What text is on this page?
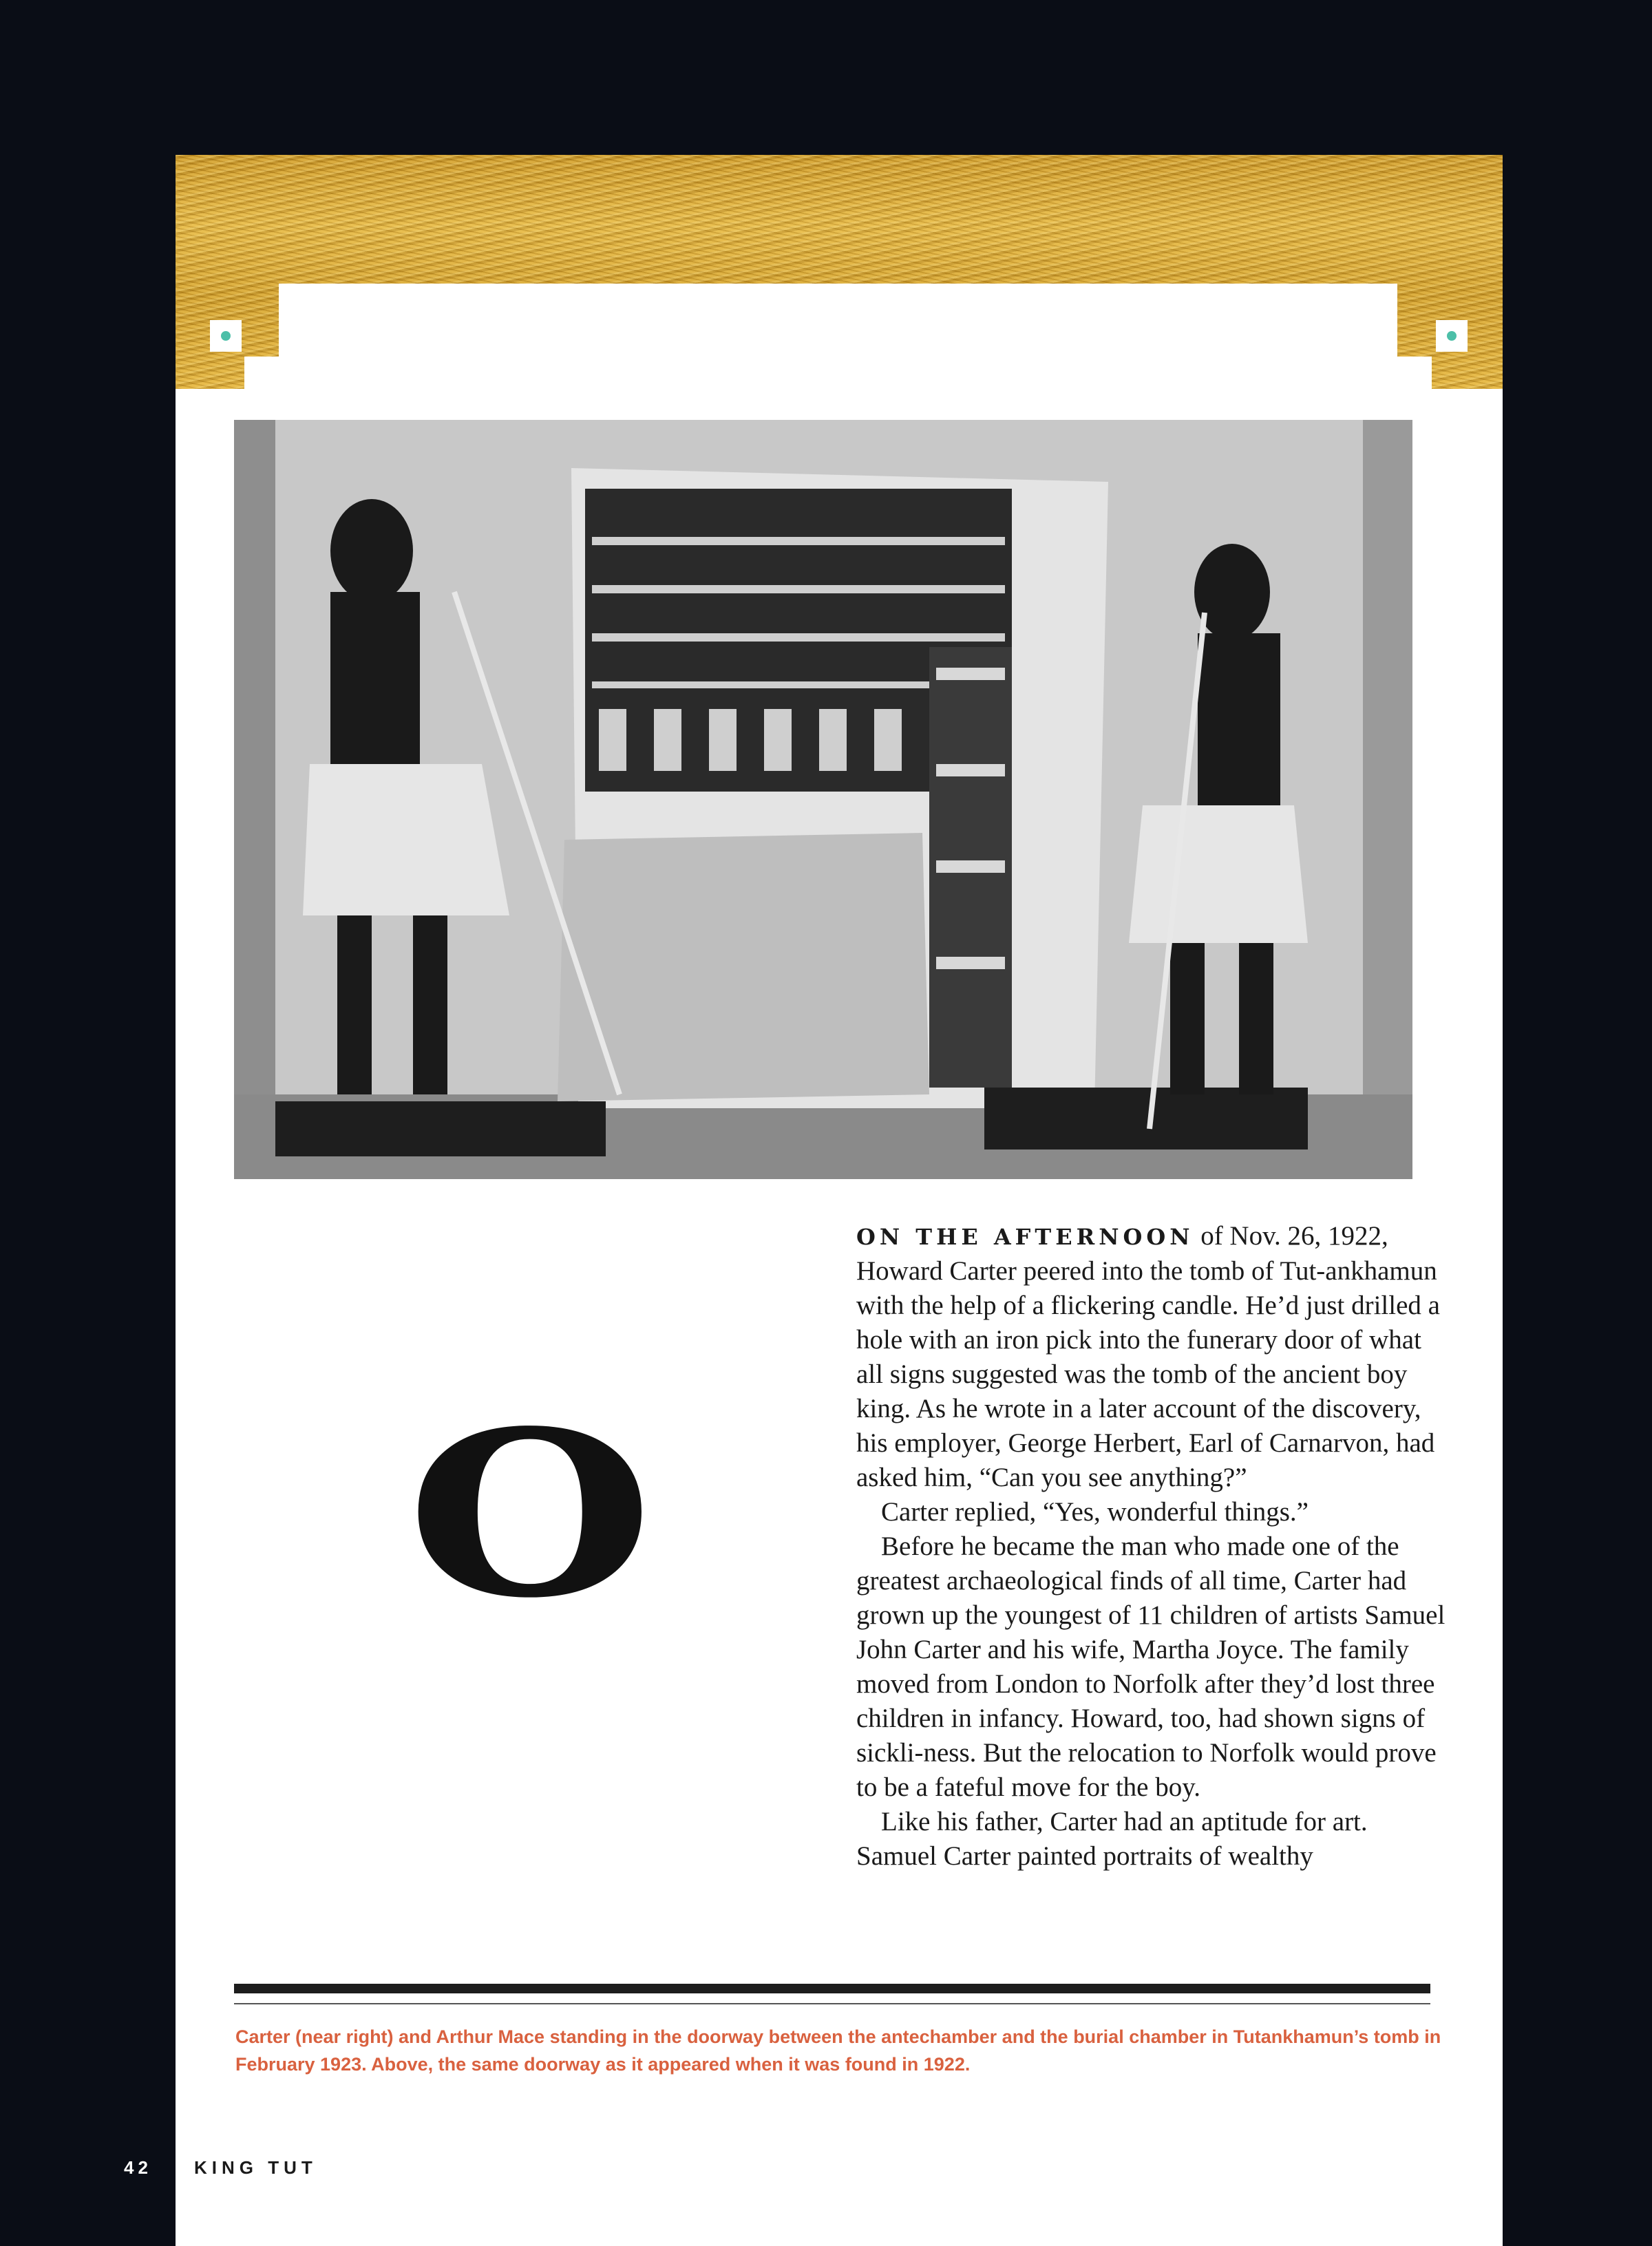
O

ON THE AFTERNOON of Nov. 26, 1922, Howard Carter peered into the tomb of Tut-ankhamun with the help of a flickering candle. He’d just drilled a hole with an iron pick into the funerary door of what all signs suggested was the tomb of the ancient boy king. As he wrote in a later account of the discovery, his employer, George Herbert, Earl of Carnarvon, had asked him, “Can you see anything?”

Carter replied, “Yes, wonderful things.”

Before he became the man who made one of the greatest archaeological finds of all time, Carter had grown up the youngest of 11 children of artists Samuel John Carter and his wife, Martha Joyce. The family moved from London to Norfolk after they’d lost three children in infancy. Howard, too, had shown signs of sickli-ness. But the relocation to Norfolk would prove to be a fateful move for the boy.

Like his father, Carter had an aptitude for art. Samuel Carter painted portraits of wealthy

Carter (near right) and Arthur Mace standing in the doorway between the antechamber and the burial chamber in Tutankhamun’s tomb in February 1923. Above, the same doorway as it appeared when it was found in 1922.

42 KING TUT
